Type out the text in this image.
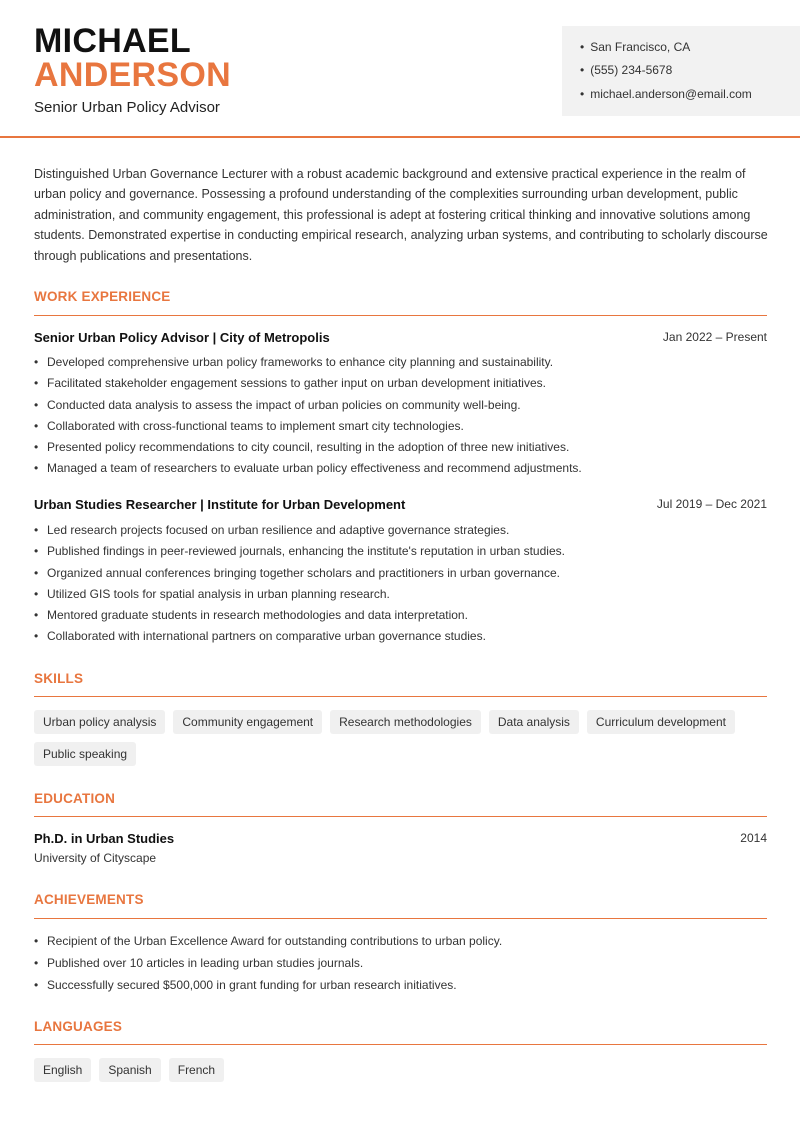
MICHAEL
ANDERSON
Senior Urban Policy Advisor
• San Francisco, CA
• (555) 234-5678
• michael.anderson@email.com

Distinguished Urban Governance Lecturer with a robust academic background and extensive practical experience in the realm of urban policy and governance. Possessing a profound understanding of the complexities surrounding urban development, public administration, and community engagement, this professional is adept at fostering critical thinking and innovative solutions among students. Demonstrated expertise in conducting empirical research, analyzing urban systems, and contributing to scholarly discourse through publications and presentations.

WORK EXPERIENCE
Senior Urban Policy Advisor | City of Metropolis	Jan 2022 – Present
• Developed comprehensive urban policy frameworks to enhance city planning and sustainability.
• Facilitated stakeholder engagement sessions to gather input on urban development initiatives.
• Conducted data analysis to assess the impact of urban policies on community well-being.
• Collaborated with cross-functional teams to implement smart city technologies.
• Presented policy recommendations to city council, resulting in the adoption of three new initiatives.
• Managed a team of researchers to evaluate urban policy effectiveness and recommend adjustments.
Urban Studies Researcher | Institute for Urban Development	Jul 2019 – Dec 2021
• Led research projects focused on urban resilience and adaptive governance strategies.
• Published findings in peer-reviewed journals, enhancing the institute's reputation in urban studies.
• Organized annual conferences bringing together scholars and practitioners in urban governance.
• Utilized GIS tools for spatial analysis in urban planning research.
• Mentored graduate students in research methodologies and data interpretation.
• Collaborated with international partners on comparative urban governance studies.
SKILLS
Urban policy analysis	Community engagement	Research methodologies	Data analysis	Curriculum development
Public speaking
EDUCATION
Ph.D. in Urban Studies	2014
University of Cityscape
ACHIEVEMENTS
• Recipient of the Urban Excellence Award for outstanding contributions to urban policy.
• Published over 10 articles in leading urban studies journals.
• Successfully secured $500,000 in grant funding for urban research initiatives.
LANGUAGES
English	Spanish	French
